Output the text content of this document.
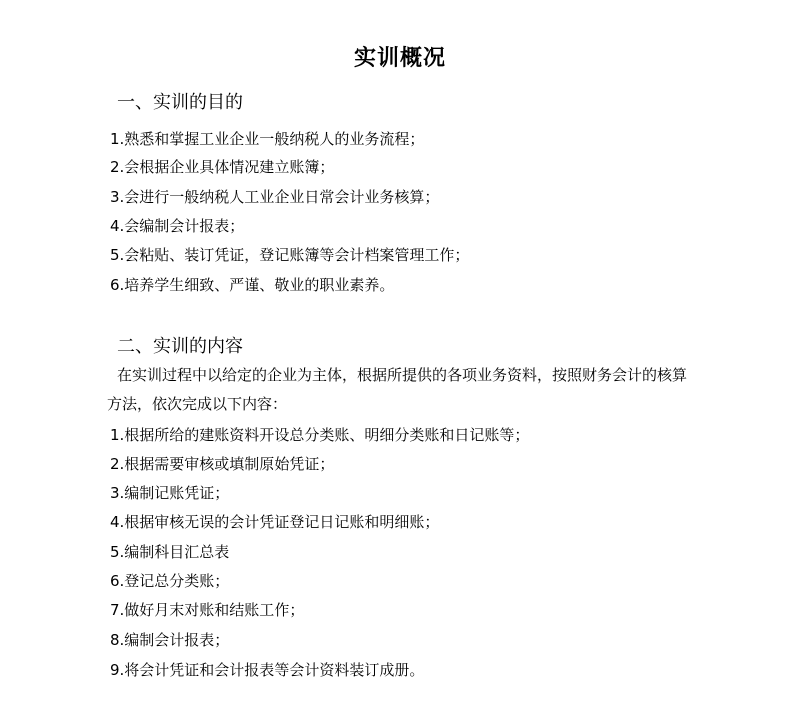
实训概况
一、实训的目的
1.熟悉和掌握工业企业一般纳税人的业务流程；
2.会根据企业具体情况建立账簿；
3.会进行一般纳税人工业企业日常会计业务核算；
4.会编制会计报表；
5.会粘贴、装订凭证，登记账簿等会计档案管理工作；
6.培养学生细致、严谨、敬业的职业素养。
二、实训的内容
在实训过程中以给定的企业为主体，根据所提供的各项业务资料，按照财务会计的核算
方法，依次完成以下内容：
1.根据所给的建账资料开设总分类账、明细分类账和日记账等；
2.根据需要审核或填制原始凭证；
3.编制记账凭证；
4.根据审核无误的会计凭证登记日记账和明细账；
5.编制科目汇总表
6.登记总分类账；
7.做好月末对账和结账工作；
8.编制会计报表；
9.将会计凭证和会计报表等会计资料装订成册。
